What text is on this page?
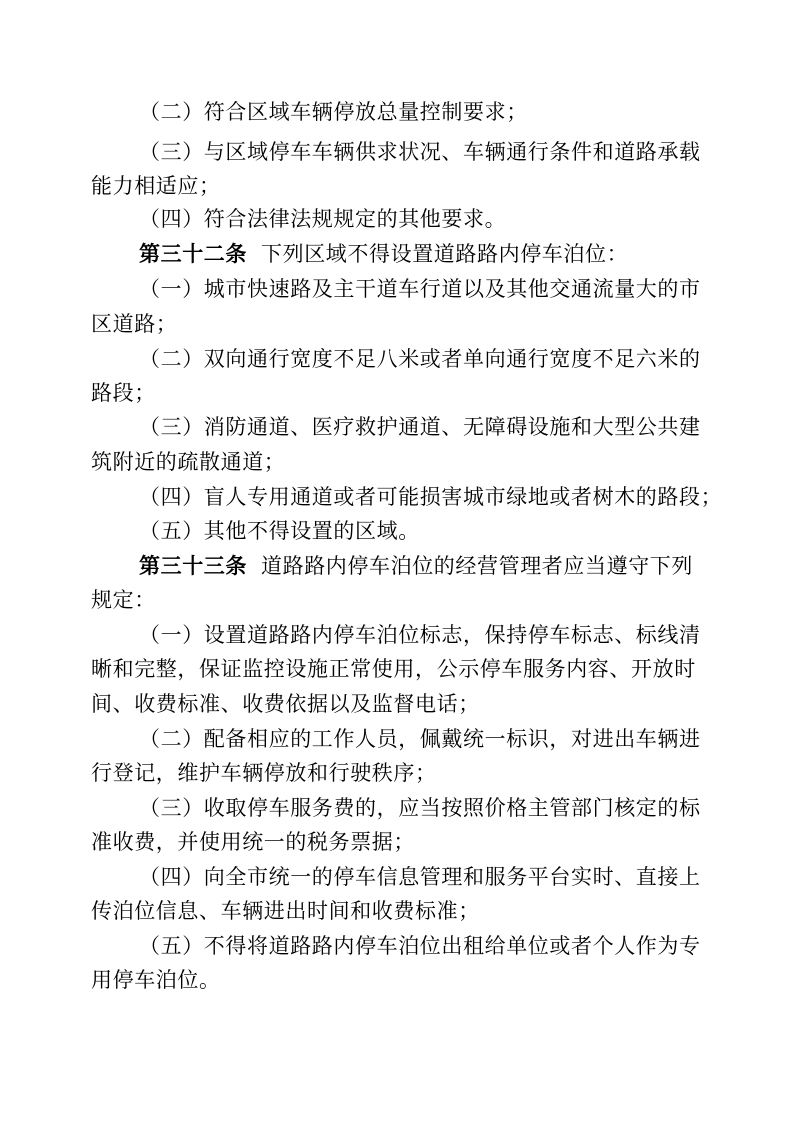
（二）符合区域车辆停放总量控制要求；
（三）与区域停车车辆供求状况、车辆通行条件和道路承载
能力相适应；
（四）符合法律法规规定的其他要求。
第三十二条 下列区域不得设置道路路内停车泊位：
（一）城市快速路及主干道车行道以及其他交通流量大的市
区道路；
（二）双向通行宽度不足八米或者单向通行宽度不足六米的
路段；
（三）消防通道、医疗救护通道、无障碍设施和大型公共建
筑附近的疏散通道；
（四）盲人专用通道或者可能损害城市绿地或者树木的路段；
（五）其他不得设置的区域。
第三十三条 道路路内停车泊位的经营管理者应当遵守下列
规定：
（一）设置道路路内停车泊位标志，保持停车标志、标线清
晰和完整，保证监控设施正常使用，公示停车服务内容、开放时
间、收费标准、收费依据以及监督电话；
（二）配备相应的工作人员，佩戴统一标识，对进出车辆进
行登记，维护车辆停放和行驶秩序；
（三）收取停车服务费的，应当按照价格主管部门核定的标
准收费，并使用统一的税务票据；
（四）向全市统一的停车信息管理和服务平台实时、直接上
传泊位信息、车辆进出时间和收费标准；
（五）不得将道路路内停车泊位出租给单位或者个人作为专
用停车泊位。
